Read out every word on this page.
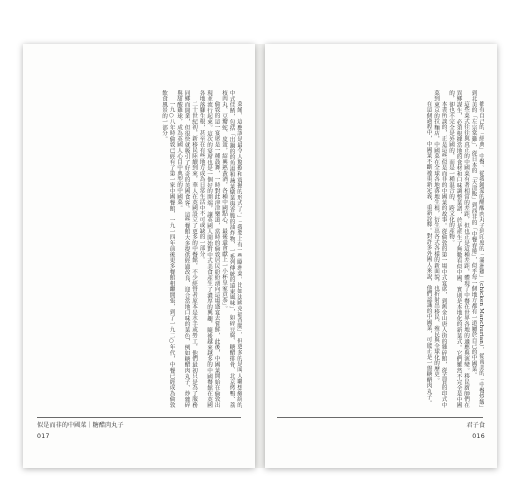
菜餚，這應該是最令人驚歎和震撼的形式了。」「我要上有一些歐洲菜，比如法國克福香腸」，但更多的是叫人聯想繽紛的中式佳餚，包括「出鍋的的魚湯和蔬菜燉菜與香脆的油炸物，一系列傳統的遠東風味」，如碎豆腐、糖醋排骨、北京烤鴨、荔枝肉丸、豆瓣蛇、皮蛋，紹興熟黃酒，各種中國點心，最後還會獻上一小杯皇家貢茶」。

倫敦的這一宴席是一種鼓舞，一時對此津津樂道，當時的倫敦居民紛紛湧向這場盛宴去嘗鮮，此後，中國菜開始在倫敦出現並流行起來。這次的宴席也是一個好的開端，讓英國人開始對中式美食產生了濃厚的興趣，隨後越來越多的中國餐館在英國各地落腳生根，甚至在有些地方成為日常生活中不可或缺的一部分。

二十世紀初，新移民陸續到來，華人在英國設立了更多的中餐館，不少經營者原本是水手或勞工，他們最初只是為了服務同鄉而開業，但很快就吸引了好奇的英國食客。這些餐館大多提供經過改良、迎合當地口味的菜色，例如糖醋肉丸子、炒雜碎與甜酸雞球，成為英國人心目中典型的中國菜。

一九○八年時倫敦已經有了第一家中國餐館，一九一四年前後更多餐館相繼開張，到了一九二○年代，中餐已經成為倫敦飲食風景的一部分。

似是而非的中國菜｜糖醋肉丸子
017

都有自己的「經典」中餐。從我鍾愛的醋酸肉丸子到印度的「滿洲雞」（chicken Manchurian），從南美的「中餐炒飯」到北美的「左宗棠雞」，從日本的「天津飯」到西非的「中餐春捲」，似乎每一個地方都有一道屬於自己的中國菜。

這些菜式往往與真正的中國菜有著相當的差距，但也正是這種差距，體現了中餐在世界各地的適應與演變。移民廚師們在異鄉謀生，必須根據當地的食材和口味調整菜譜，於是產生了無數看似中國、實則是本地化的新菜式。它們雖然不完全是中國的，卻也不完全是外國的，而是一種混合的、跨文化的產物。

本書所談的，正是這些似是而非的中國菜的故事。從倫敦的第一場中式宴席，到舊金山唐人街的雜碎館，從孟買的印式中菜到東京的拉麵店，中國菜在全球各地落地生根，衍生出各式各樣的新面貌，也折射出移民、殖民與全球化的歷史。

在這個過程中，中國菜不斷被重新定義、重新詮釋。對許多外國人來說，他們認識的中國菜，可能正是一盤糖醋肉丸子。

君子食
016
